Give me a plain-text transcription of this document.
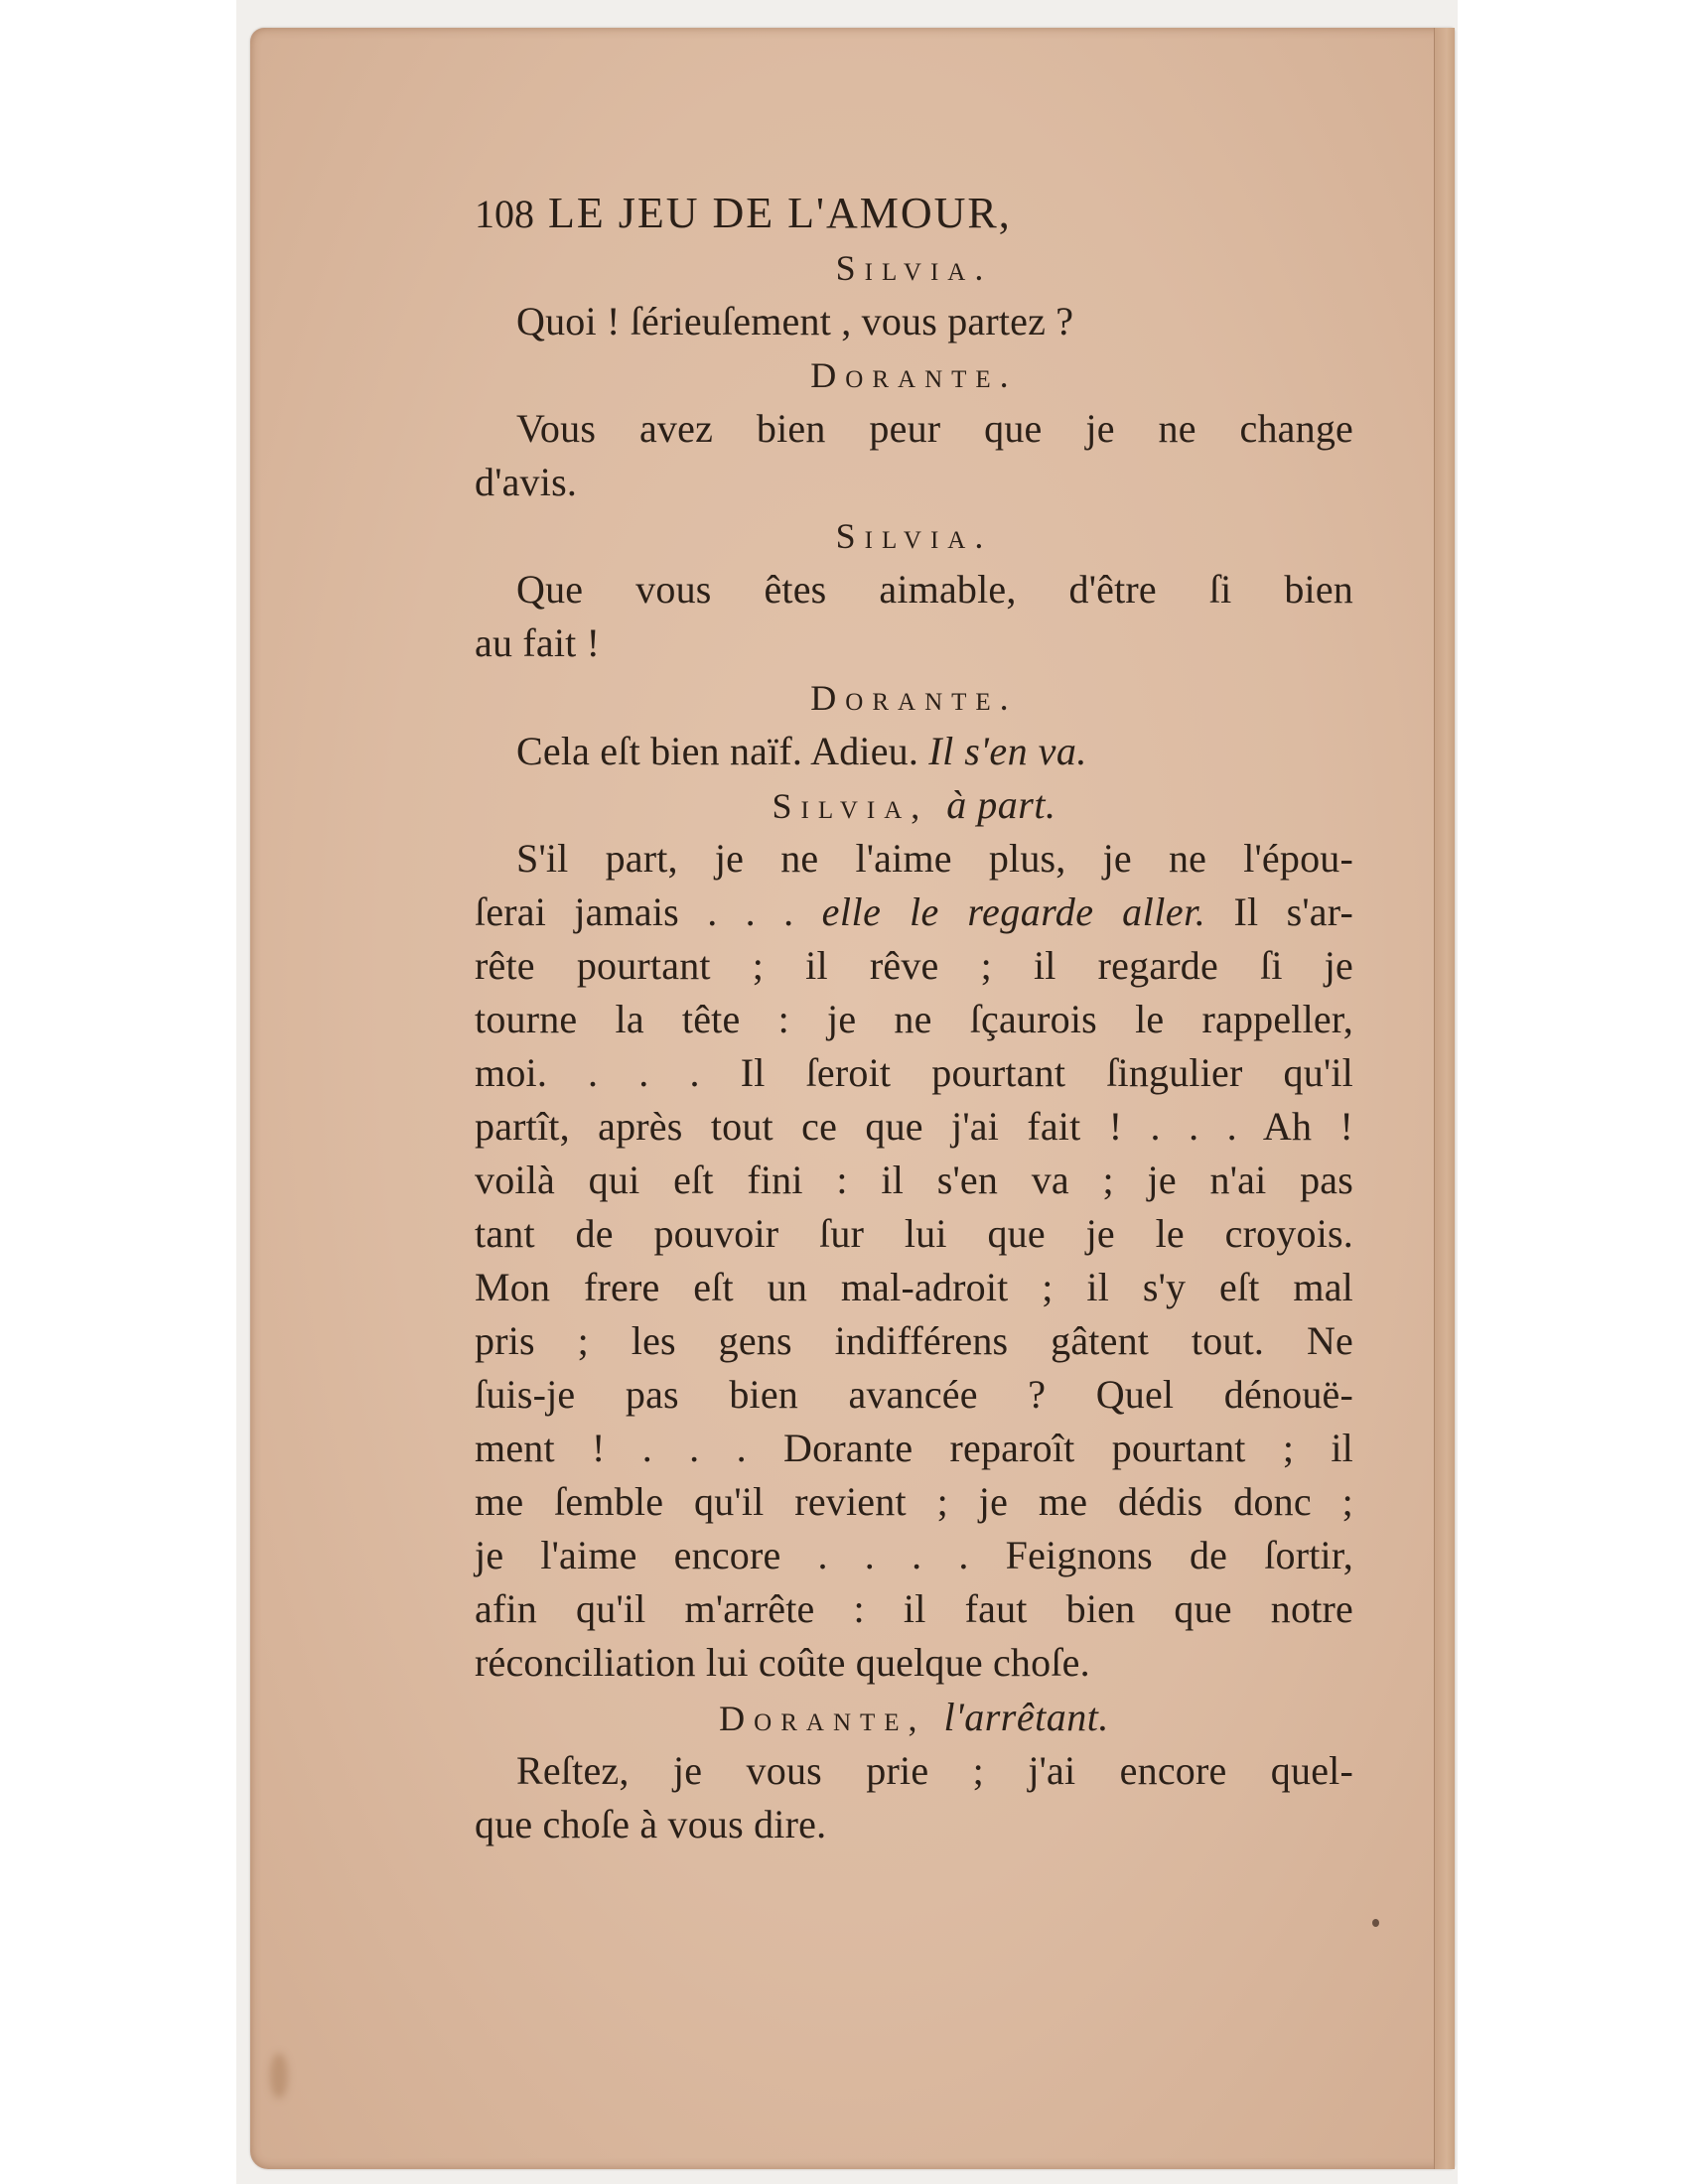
108 LE JEU DE L'AMOUR,
Silvia.
Quoi ! ſérieuſement , vous partez ?
Dorante.
Vous avez bien peur que je ne change
d'avis.
Silvia.
Que vous êtes aimable, d'être ſi bien
au fait !
Dorante.
Cela eſt bien naïf. Adieu. Il s'en va.
Silvia, à part.
S'il part, je ne l'aime plus, je ne l'épou-
ſerai jamais . . . elle le regarde aller. Il s'ar-
rête pourtant ; il rêve ; il regarde ſi je
tourne la tête : je ne ſçaurois le rappeller,
moi. . . . Il ſeroit pourtant ſingulier qu'il
partît, après tout ce que j'ai fait ! . . . Ah !
voilà qui eſt fini : il s'en va ; je n'ai pas
tant de pouvoir ſur lui que je le croyois.
Mon frere eſt un mal-adroit ; il s'y eſt mal
pris ; les gens indifférens gâtent tout. Ne
ſuis-je pas bien avancée ? Quel dénouë-
ment ! . . . Dorante reparoît pourtant ; il
me ſemble qu'il revient ; je me dédis donc ;
je l'aime encore . . . . Feignons de ſortir,
afin qu'il m'arrête : il faut bien que notre
réconciliation lui coûte quelque choſe.
Dorante, l'arrêtant.
Reſtez, je vous prie ; j'ai encore quel-
que choſe à vous dire.
